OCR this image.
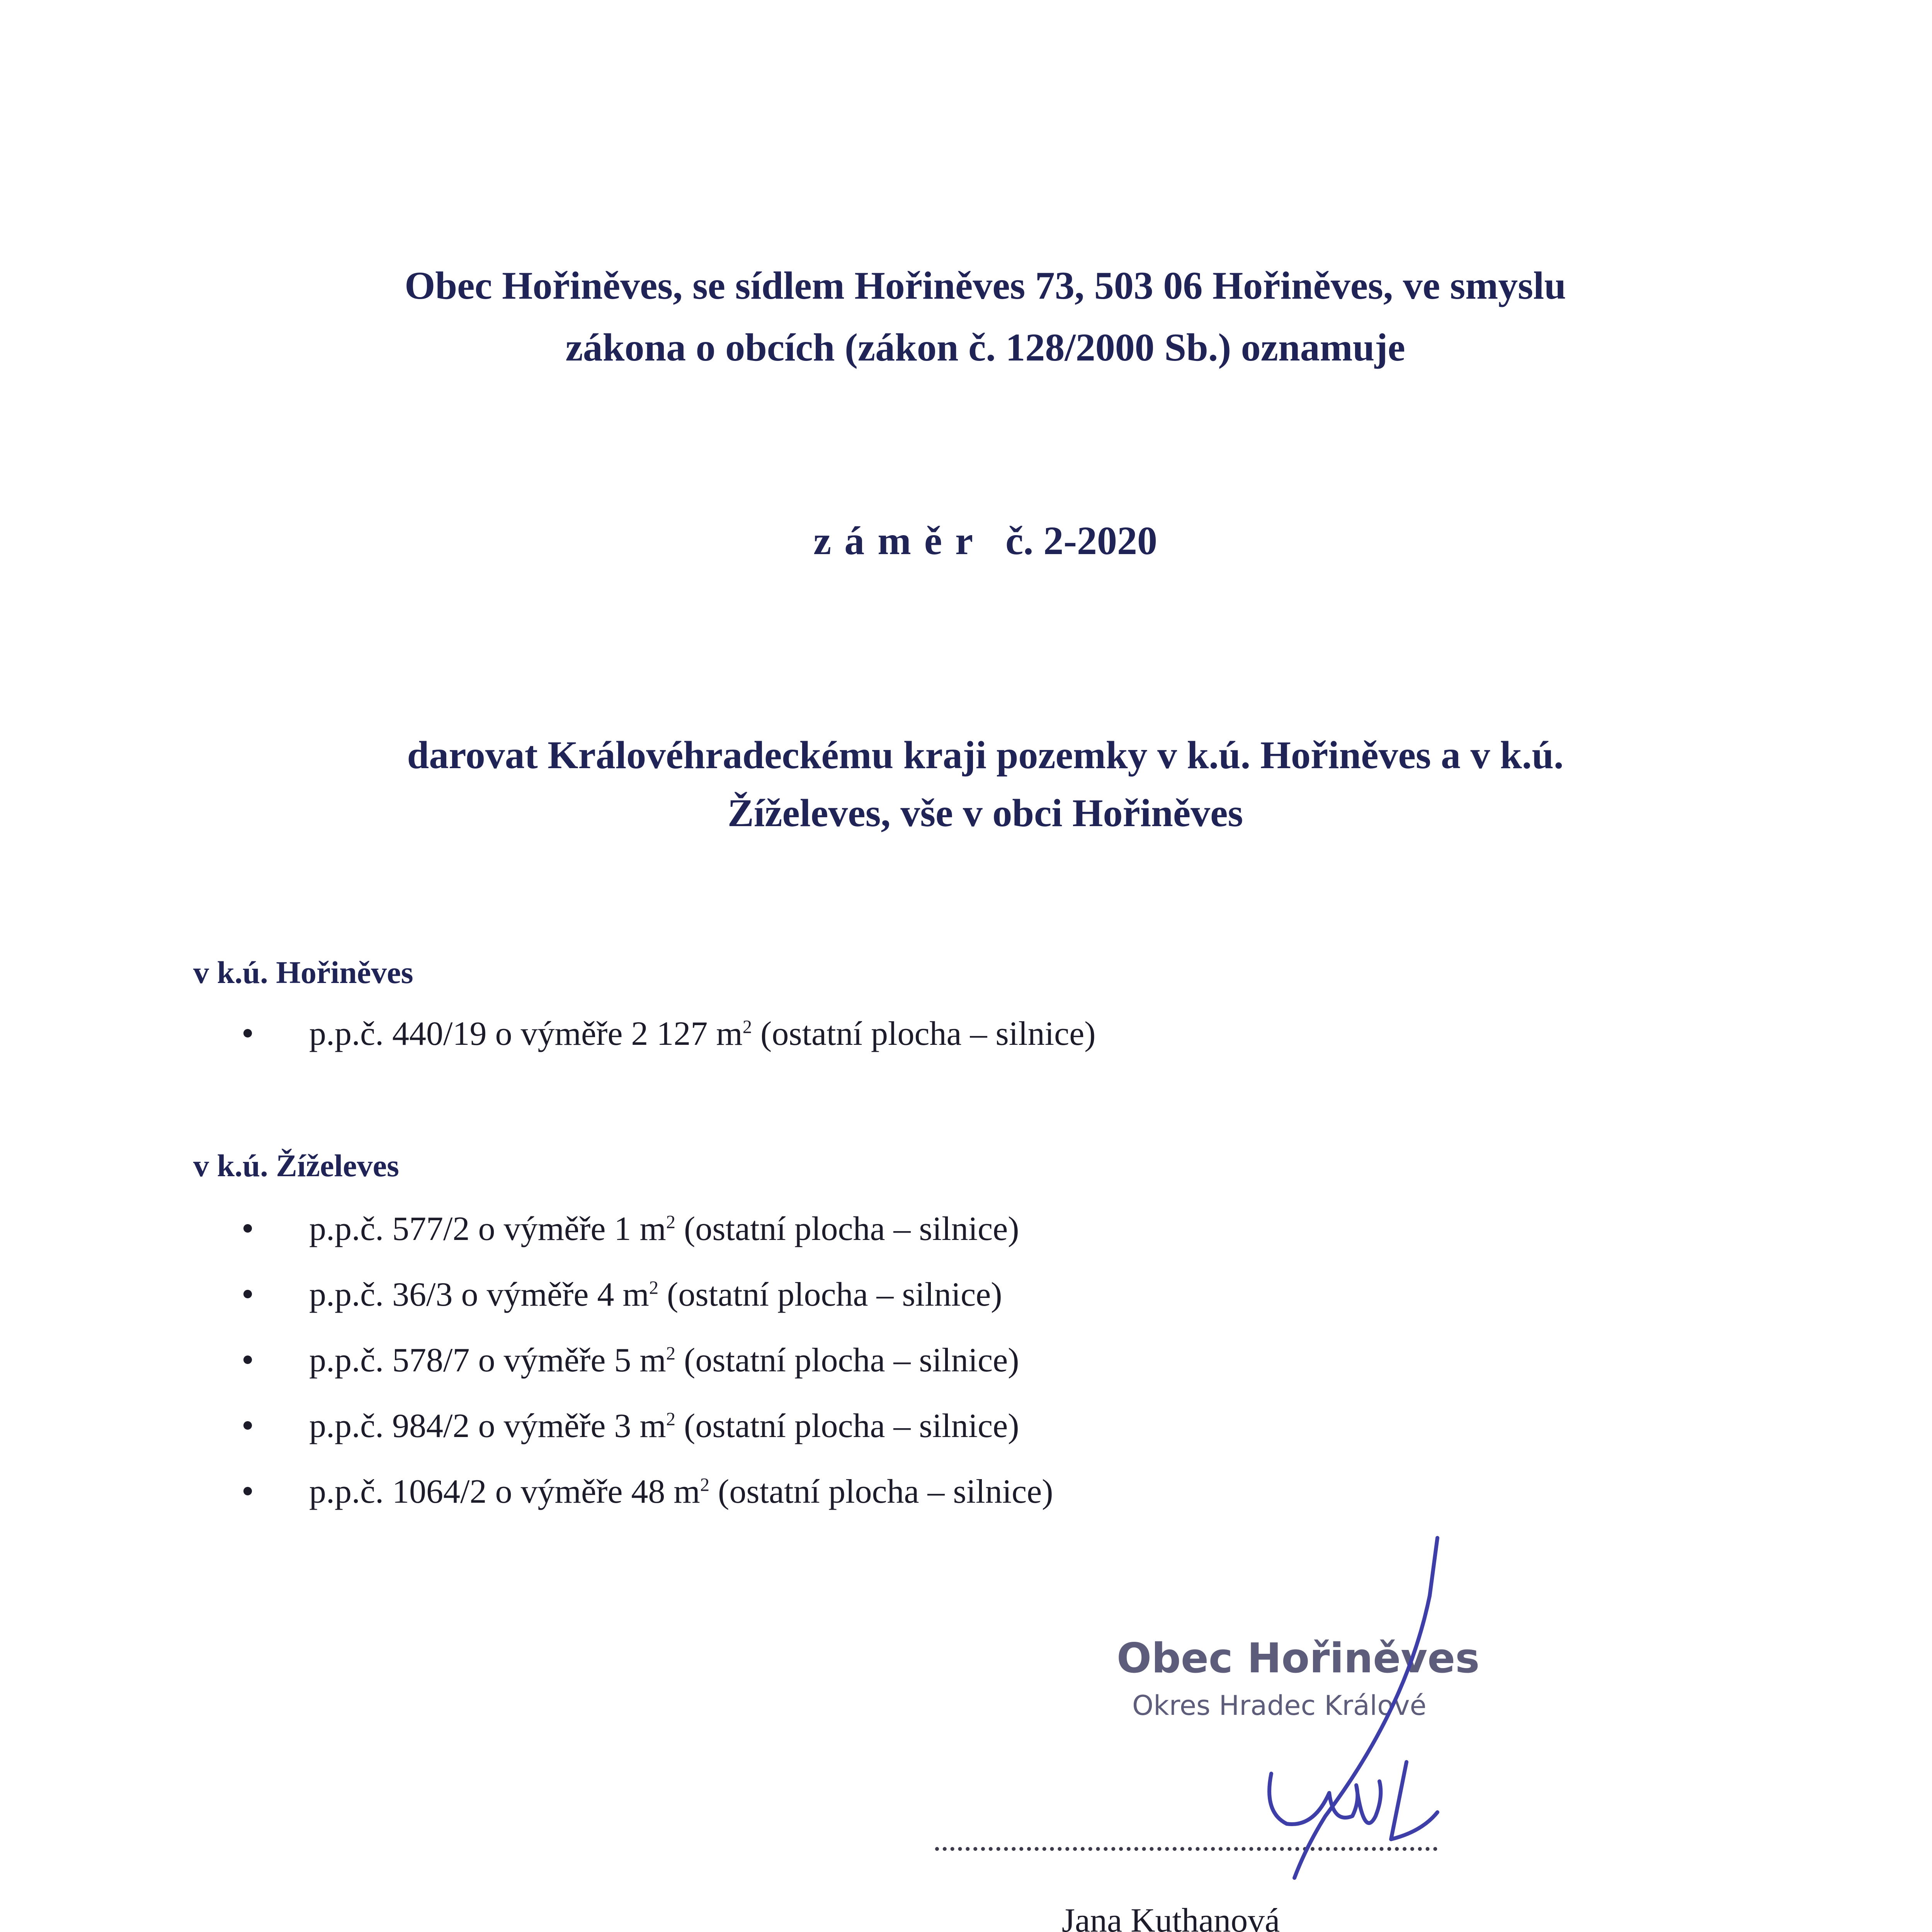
Obec Hořiněves, se sídlem Hořiněves 73, 503 06 Hořiněves, ve smyslu
zákona o obcích (zákon č. 128/2000 Sb.) oznamuje
záměr č. 2-2020
darovat Královéhradeckému kraji pozemky v k.ú. Hořiněves a v k.ú.
Žíželeves, vše v obci Hořiněves
v k.ú. Hořiněves
p.p.č. 440/19 o výměře 2 127 $m^2$ (ostatní plocha – silnice)
v k.ú. Žíželeves
p.p.č. 577/2 o výměře 1 $m^2$ (ostatní plocha – silnice)
p.p.č. 36/3 o výměře 4 $m^2$ (ostatní plocha – silnice)
p.p.č. 578/7 o výměře 5 $m^2$ (ostatní plocha – silnice)
p.p.č. 984/2 o výměře 3 $m^2$ (ostatní plocha – silnice)
p.p.č. 1064/2 o výměře 48 $m^2$ (ostatní plocha – silnice)
Obec Hořiněves
Okres Hradec Králové
Jana Kuthanová
